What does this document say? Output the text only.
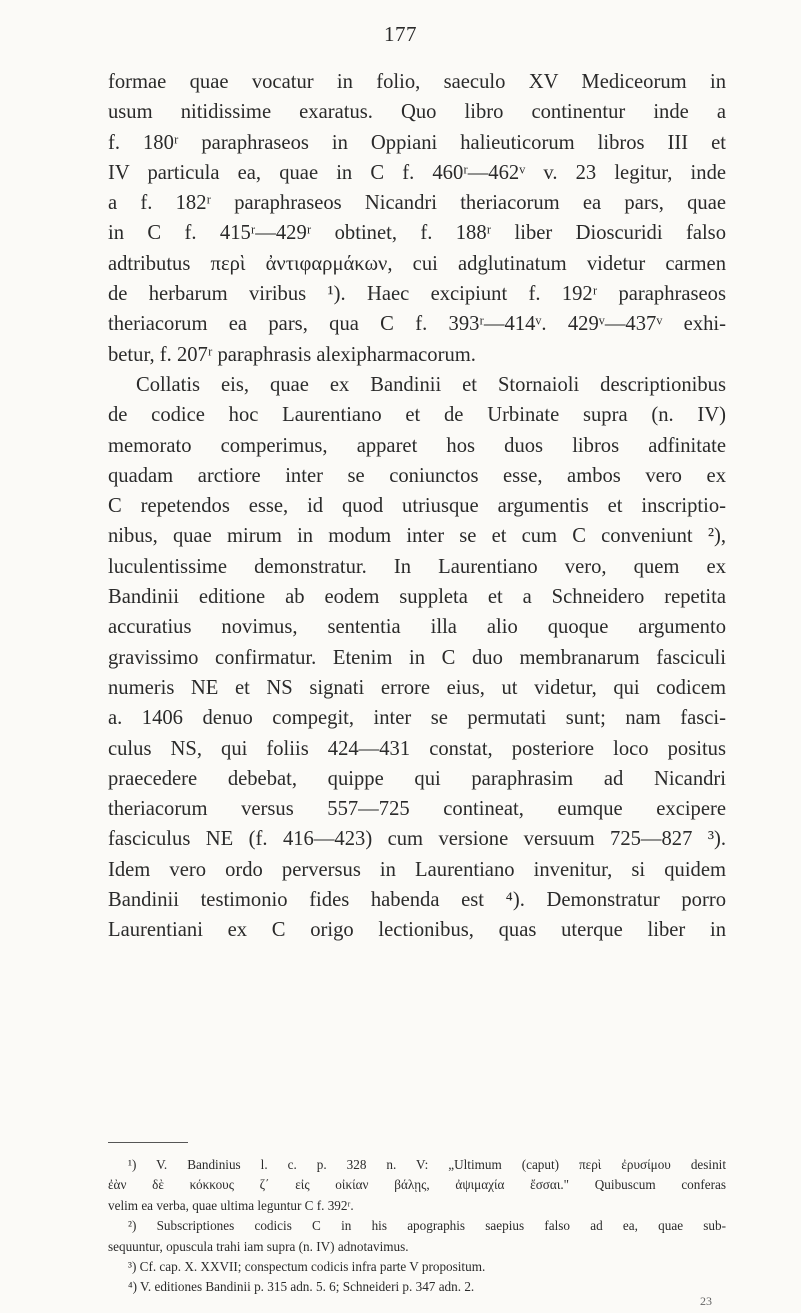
177
formae quae vocatur in folio, saeculo XV Mediceorum in
usum nitidissime exaratus. Quo libro continentur inde a
f. 180ʳ paraphraseos in Oppiani halieuticorum libros III et
IV particula ea, quae in C f. 460ʳ—462ᵛ v. 23 legitur, inde
a f. 182ʳ paraphraseos Nicandri theriacorum ea pars, quae
in C f. 415ʳ—429ʳ obtinet, f. 188ʳ liber Dioscuridi falso
adtributus περὶ ἀντιφαρμάκων, cui adglutinatum videtur carmen
de herbarum viribus ¹). Haec excipiunt f. 192ʳ paraphraseos
theriacorum ea pars, qua C f. 393ʳ—414ᵛ. 429ᵛ—437ᵛ exhi-
betur, f. 207ʳ paraphrasis alexipharmacorum.
Collatis eis, quae ex Bandinii et Stornaioli descriptionibus
de codice hoc Laurentiano et de Urbinate supra (n. IV)
memorato comperimus, apparet hos duos libros adfinitate
quadam arctiore inter se coniunctos esse, ambos vero ex
C repetendos esse, id quod utriusque argumentis et inscriptio-
nibus, quae mirum in modum inter se et cum C conveniunt ²),
luculentissime demonstratur. In Laurentiano vero, quem ex
Bandinii editione ab eodem suppleta et a Schneidero repetita
accuratius novimus, sententia illa alio quoque argumento
gravissimo confirmatur. Etenim in C duo membranarum fasciculi
numeris NE et NS signati errore eius, ut videtur, qui codicem
a. 1406 denuo compegit, inter se permutati sunt; nam fasci-
culus NS, qui foliis 424—431 constat, posteriore loco positus
praecedere debebat, quippe qui paraphrasim ad Nicandri
theriacorum versus 557—725 contineat, eumque excipere
fasciculus NE (f. 416—423) cum versione versuum 725—827 ³).
Idem vero ordo perversus in Laurentiano invenitur, si quidem
Bandinii testimonio fides habenda est ⁴). Demonstratur porro
Laurentiani ex C origo lectionibus, quas uterque liber in
¹) V. Bandinius l. c. p. 328 n. V: „Ultimum (caput) περὶ ἐρυσίμου desinit
ἐὰν δὲ κόκκους ζ΄ εἰς οἰκίαν βάλῃς, ἀψιμαχία ἔσσαι." Quibuscum conferas
velim ea verba, quae ultima leguntur C f. 392ʳ.
²) Subscriptiones codicis C in his apographis saepius falso ad ea, quae sub-
sequuntur, opuscula trahi iam supra (n. IV) adnotavimus.
³) Cf. cap. X. XXVII; conspectum codicis infra parte V propositum.
⁴) V. editiones Bandinii p. 315 adn. 5. 6; Schneideri p. 347 adn. 2.
23
